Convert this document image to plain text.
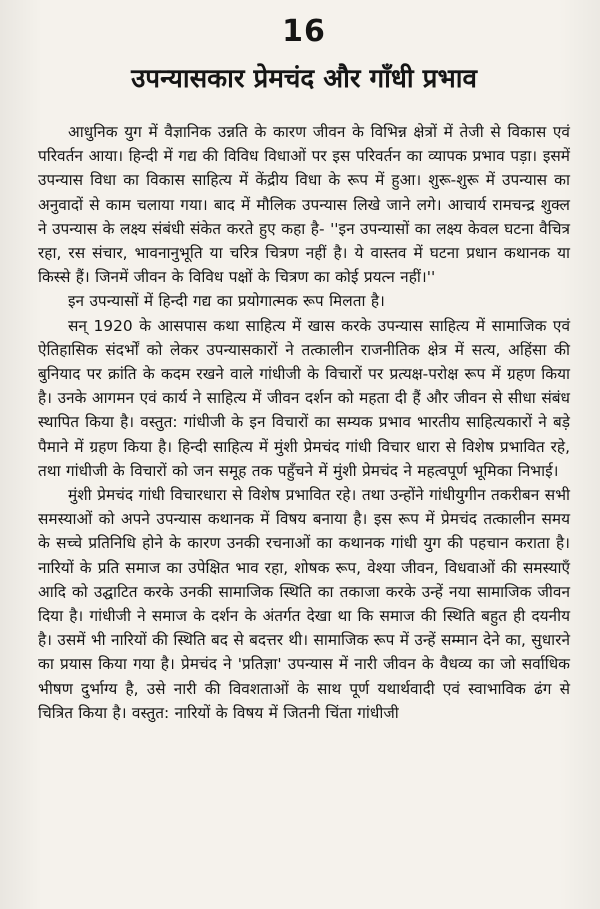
16
उपन्यासकार प्रेमचंद और गाँधी प्रभाव

आधुनिक युग में वैज्ञानिक उन्नति के कारण जीवन के विभिन्न क्षेत्रों में तेजी से विकास एवं परिवर्तन आया। हिन्दी में गद्य की विविध विधाओं पर इस परिवर्तन का व्यापक प्रभाव पड़ा। इसमें उपन्यास विधा का विकास साहित्य में केंद्रीय विधा के रूप में हुआ। शुरू-शुरू में उपन्यास का अनुवादों से काम चलाया गया। बाद में मौलिक उपन्यास लिखे जाने लगे। आचार्य रामचन्द्र शुक्ल ने उपन्यास के लक्ष्य संबंधी संकेत करते हुए कहा है- ''इन उपन्यासों का लक्ष्य केवल घटना वैचित्र रहा, रस संचार, भावनानुभूति या चरित्र चित्रण नहीं है। ये वास्तव में घटना प्रधान कथानक या किस्से हैं। जिनमें जीवन के विविध पक्षों के चित्रण का कोई प्रयत्न नहीं।''

इन उपन्यासों में हिन्दी गद्य का प्रयोगात्मक रूप मिलता है।

सन् 1920 के आसपास कथा साहित्य में खास करके उपन्यास साहित्य में सामाजिक एवं ऐतिहासिक संदर्भों को लेकर उपन्यासकारों ने तत्कालीन राजनीतिक क्षेत्र में सत्य, अहिंसा की बुनियाद पर क्रांति के कदम रखने वाले गांधीजी के विचारों पर प्रत्यक्ष-परोक्ष रूप में ग्रहण किया है। उनके आगमन एवं कार्य ने साहित्य में जीवन दर्शन को महता दी हैं और जीवन से सीधा संबंध स्थापित किया है। वस्तुत: गांधीजी के इन विचारों का सम्यक प्रभाव भारतीय साहित्यकारों ने बड़े पैमाने में ग्रहण किया है। हिन्दी साहित्य में मुंशी प्रेमचंद गांधी विचार धारा से विशेष प्रभावित रहे, तथा गांधीजी के विचारों को जन समूह तक पहुँचने में मुंशी प्रेमचंद ने महत्वपूर्ण भूमिका निभाई।

मुंशी प्रेमचंद गांधी विचारधारा से विशेष प्रभावित रहे। तथा उन्होंने गांधीयुगीन तकरीबन सभी समस्याओं को अपने उपन्यास कथानक में विषय बनाया है। इस रूप में प्रेमचंद तत्कालीन समय के सच्चे प्रतिनिधि होने के कारण उनकी रचनाओं का कथानक गांधी युग की पहचान कराता है। नारियों के प्रति समाज का उपेक्षित भाव रहा, शोषक रूप, वेश्या जीवन, विधवाओं की समस्याएँ आदि को उद्घाटित करके उनकी सामाजिक स्थिति का तकाजा करके उन्हें नया सामाजिक जीवन दिया है। गांधीजी ने समाज के दर्शन के अंतर्गत देखा था कि समाज की स्थिति बहुत ही दयनीय है। उसमें भी नारियों की स्थिति बद से बदत्तर थी। सामाजिक रूप में उन्हें सम्मान देने का, सुधारने का प्रयास किया गया है। प्रेमचंद ने 'प्रतिज्ञा' उपन्यास में नारी जीवन के वैधव्य का जो सर्वाधिक भीषण दुर्भाग्य है, उसे नारी की विवशताओं के साथ पूर्ण यथार्थवादी एवं स्वाभाविक ढंग से चित्रित किया है। वस्तुत: नारियों के विषय में जितनी चिंता गांधीजी
